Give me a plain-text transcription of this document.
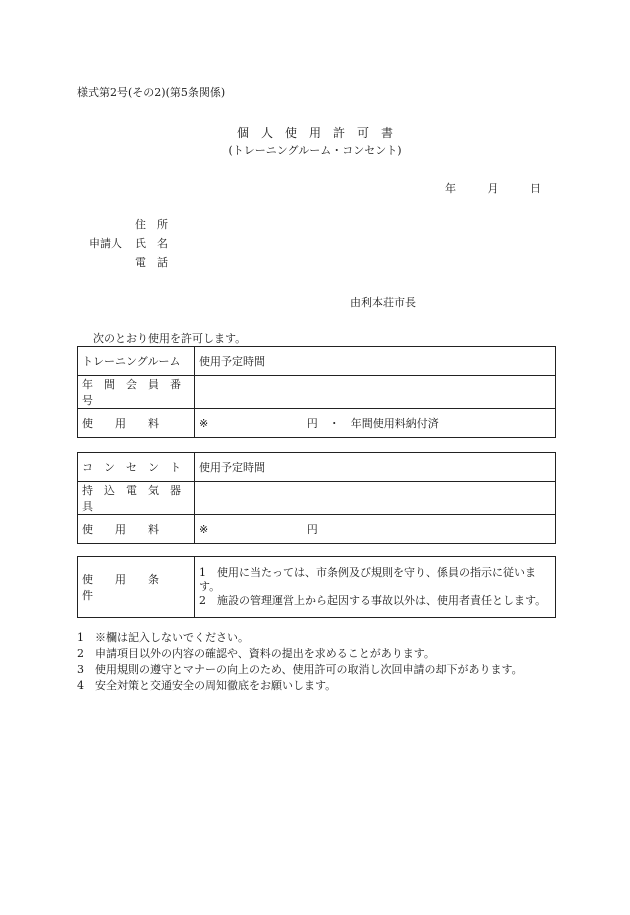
様式第2号(その2)(第5条関係)
個　人　使　用　許　可　書
(トレーニングルーム・コンセント)
年	月	日
住　所
申請人 氏　名
電　話
由利本荘市長
次のとおり使用を許可します。
トレーニングルーム	使用予定時間
年　間　会　員　番　号	
使　　用　　料	※ 円　・　年間使用料納付済
コ　ン　セ　ン　ト	使用予定時間
持　込　電　気　器　具	
使　　用　　料	※ 円
使　　用　　条　　件	
1　使用に当たっては、市条例及び規則を守り、係員の指示に従います。
2　施設の管理運営上から起因する事故以外は、使用者責任とします。
1　※欄は記入しないでください。
2　申請項目以外の内容の確認や、資料の提出を求めることがあります。
3　使用規則の遵守とマナーの向上のため、使用許可の取消し次回申請の却下があります。
4　安全対策と交通安全の周知徹底をお願いします。
